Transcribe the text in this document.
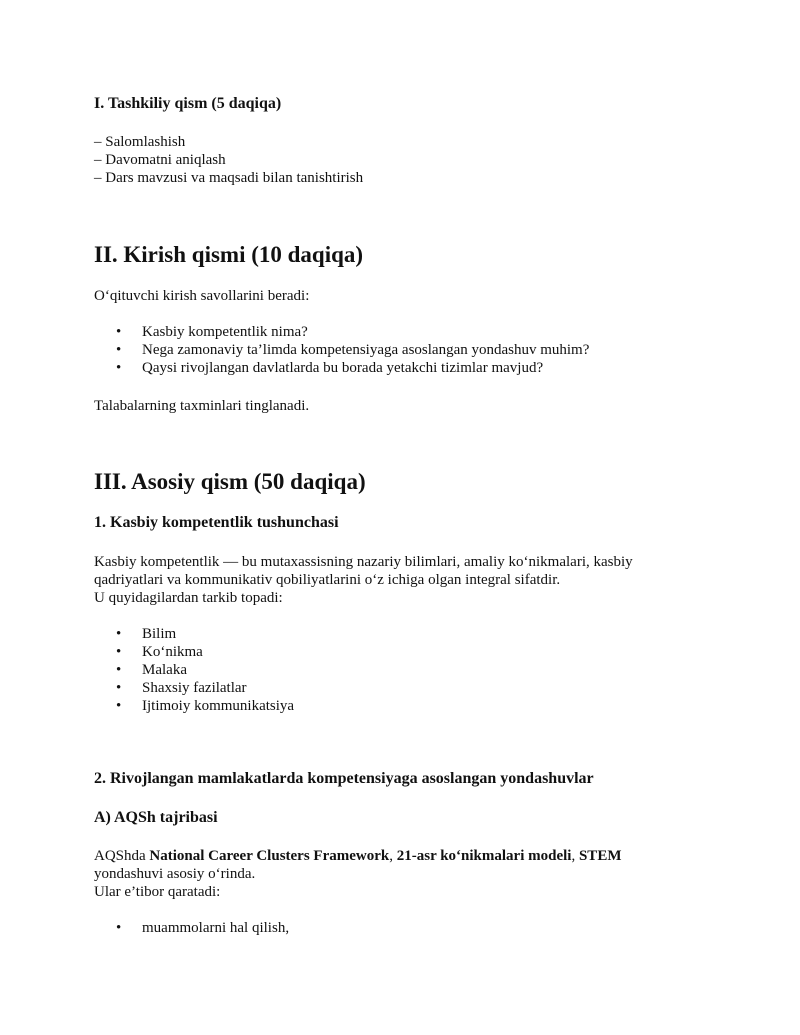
I. Tashkiliy qism (5 daqiqa)
– Salomlashish
– Davomatni aniqlash
– Dars mavzusi va maqsadi bilan tanishtirish
II. Kirish qismi (10 daqiqa)
O‘qituvchi kirish savollarini beradi:
• Kasbiy kompetentlik nima?
• Nega zamonaviy ta’limda kompetensiyaga asoslangan yondashuv muhim?
• Qaysi rivojlangan davlatlarda bu borada yetakchi tizimlar mavjud?
Talabalarning taxminlari tinglanadi.
III. Asosiy qism (50 daqiqa)
1. Kasbiy kompetentlik tushunchasi
Kasbiy kompetentlik — bu mutaxassisning nazariy bilimlari, amaliy ko‘nikmalari, kasbiy
qadriyatlari va kommunikativ qobiliyatlarini o‘z ichiga olgan integral sifatdir.
U quyidagilardan tarkib topadi:
• Bilim
• Ko‘nikma
• Malaka
• Shaxsiy fazilatlar
• Ijtimoiy kommunikatsiya
2. Rivojlangan mamlakatlarda kompetensiyaga asoslangan yondashuvlar
A) AQSh tajribasi
AQShda National Career Clusters Framework, 21-asr ko‘nikmalari modeli, STEM
yondashuvi asosiy o‘rinda.
Ular e’tibor qaratadi:
• muammolarni hal qilish,
